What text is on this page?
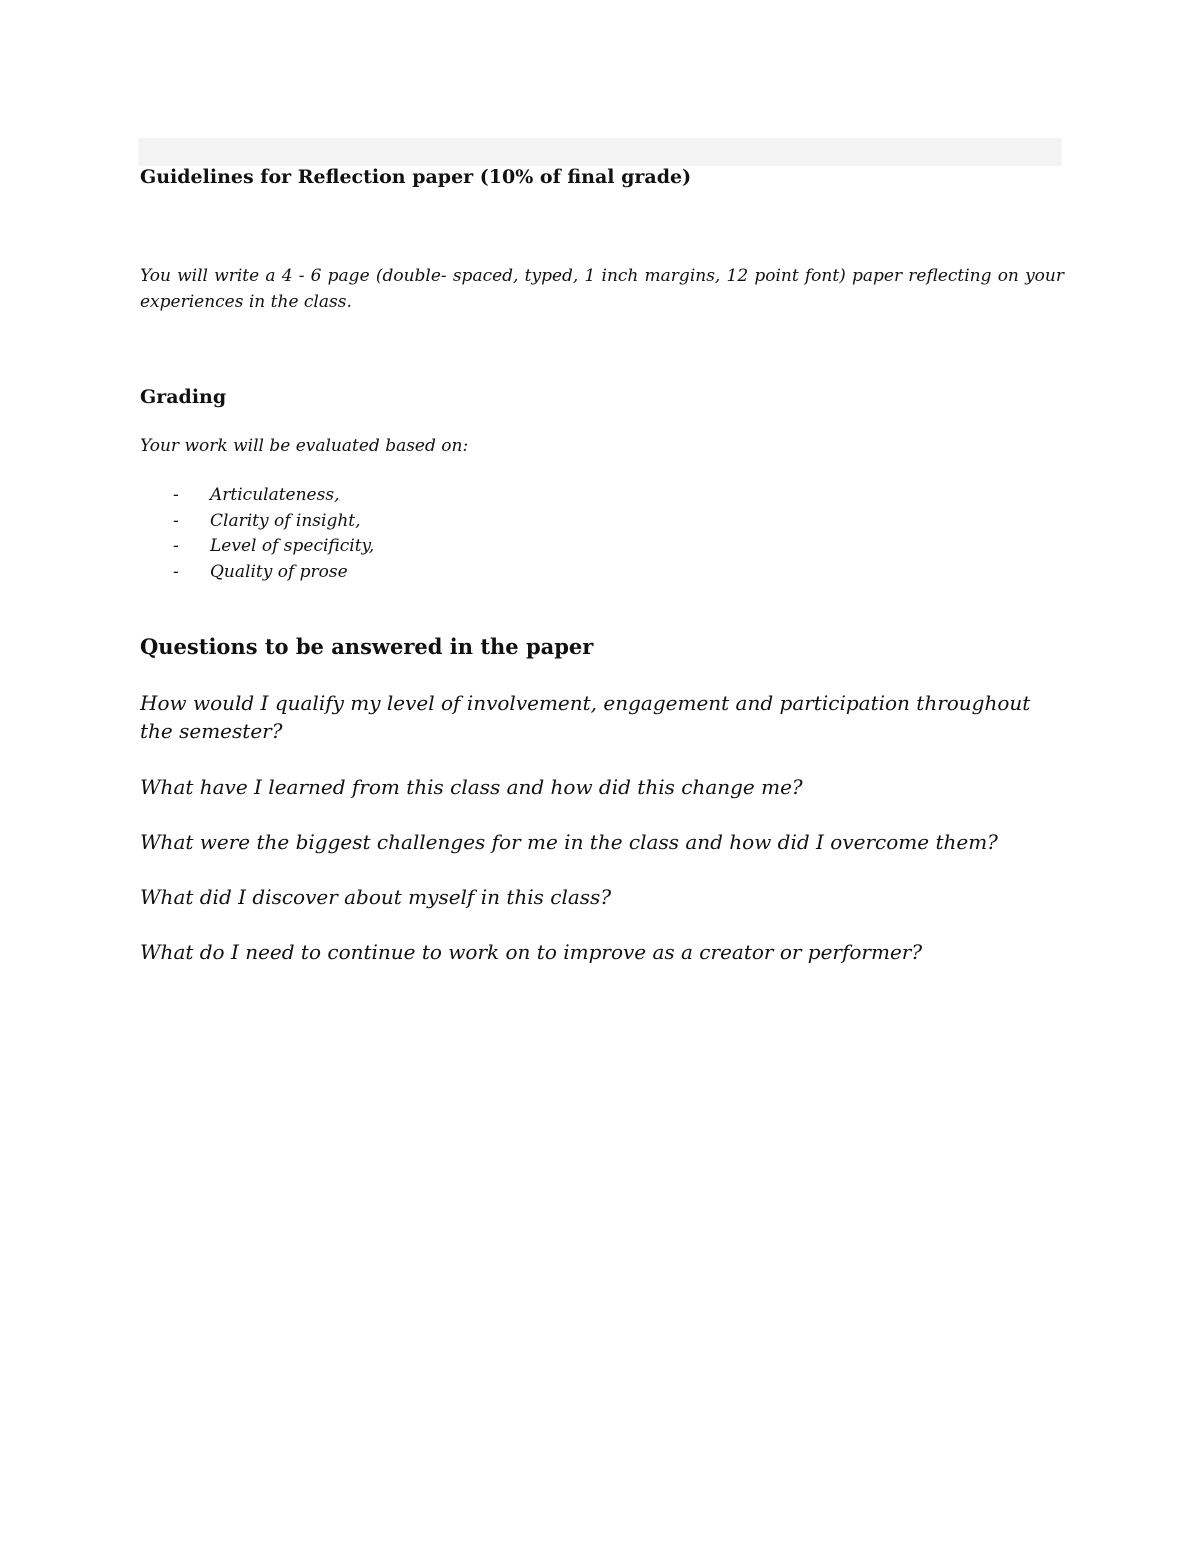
Guidelines for Reflection paper (10% of final grade)

You will write a 4 - 6 page (double- spaced, typed, 1 inch margins, 12 point font) paper reflecting on your experiences in the class.

Grading

Your work will be evaluated based on:

- Articulateness,
- Clarity of insight,
- Level of specificity,
- Quality of prose
Questions to be answered in the paper

How would I qualify my level of involvement, engagement and participation throughout the semester?

What have I learned from this class and how did this change me?

What were the biggest challenges for me in the class and how did I overcome them?

What did I discover about myself in this class?

What do I need to continue to work on to improve as a creator or performer?
